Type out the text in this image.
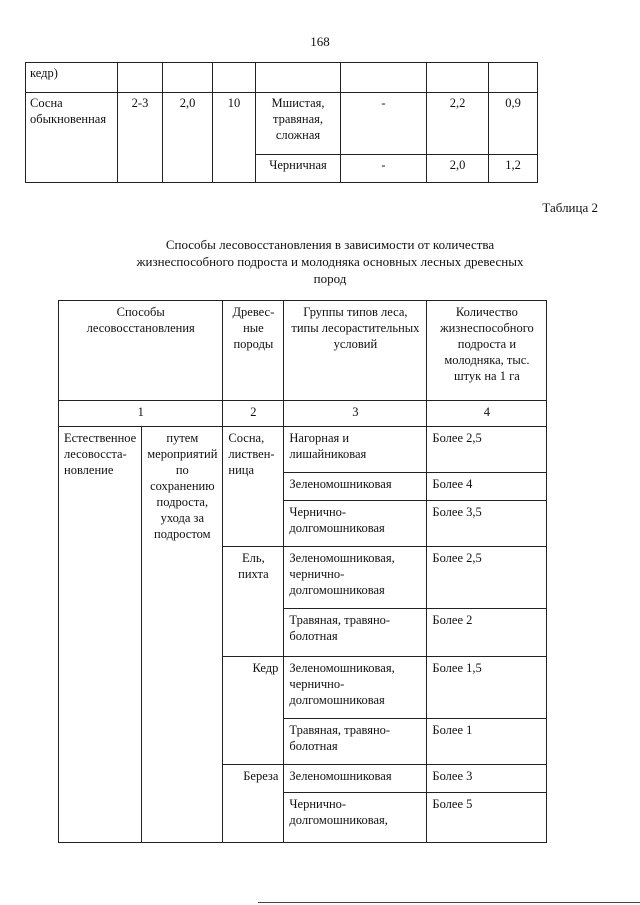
168
кедр)							
Сосна обыкновенная	2-3	2,0	10	Мшистая, травяная, сложная	-	2,2	0,9
				Черничная	-	2,0	1,2
Таблица 2
Способы лесовосстановления в зависимости от количества жизнеспособного подроста и молодняка основных лесных древесных пород
Способы лесовосстановления		Древес-ные породы	Группы типов леса, типы лесорастительных условий	Количество жизнеспособного подроста и молодняка, тыс. штук на 1 га
1		2	3	4
Естественное лесовосста-новление	путем мероприятий по сохранению подроста, ухода за подростом	Сосна, листвен-ница	Нагорная и лишайниковая	Более 2,5
			Зеленомошниковая	Более 4
			Чернично-долгомошниковая	Более 3,5
		Ель, пихта	Зеленомошниковая, чернично-долгомошниковая	Более 2,5
			Травяная, травяно-болотная	Более 2
		Кедр	Зеленомошниковая, чернично-долгомошниковая	Более 1,5
			Травяная, травяно-болотная	Более 1
		Береза	Зеленомошниковая	Более 3
			Чернично-долгомошниковая,	Более 5
